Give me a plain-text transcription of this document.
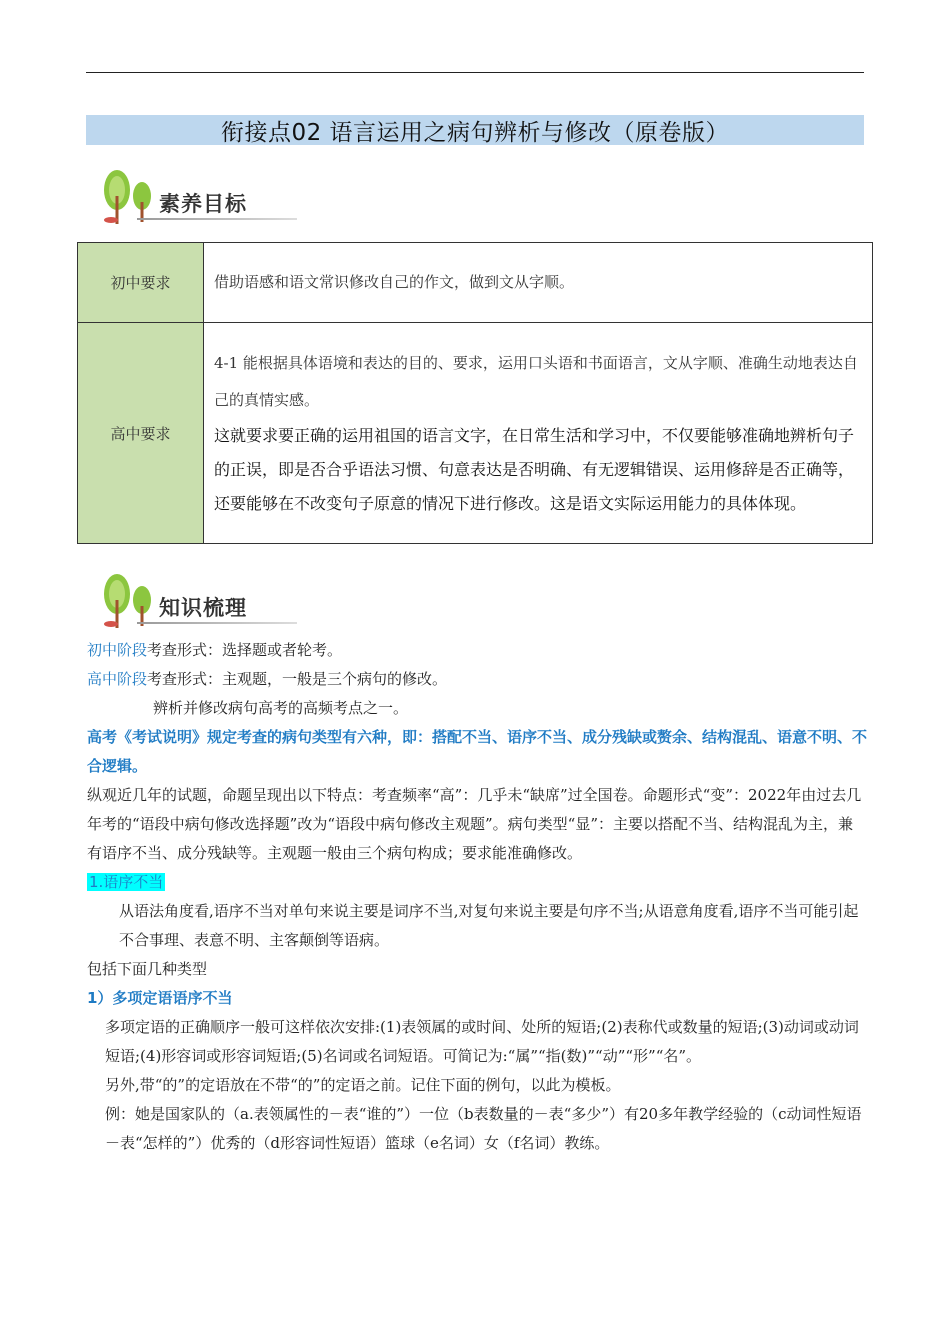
衔接点02 语言运用之病句辨析与修改（原卷版）
素养目标
初中要求	借助语感和语文常识修改自己的作文，做到文从字顺。
高中要求	4-1 能根据具体语境和表达的目的、要求，运用口头语和书面语言，文从字顺、准确生动地表达自己的真情实感。
这就要求要正确的运用祖国的语言文字，在日常生活和学习中，不仅要能够准确地辨析句子的正误，即是否合乎语法习惯、句意表达是否明确、有无逻辑错误、运用修辞是否正确等，还要能够在不改变句子原意的情况下进行修改。这是语文实际运用能力的具体体现。
知识梳理

初中阶段考查形式：选择题或者轮考。

高中阶段考查形式：主观题，一般是三个病句的修改。

辨析并修改病句高考的高频考点之一。

高考《考试说明》规定考查的病句类型有六种，即：搭配不当、语序不当、成分残缺或赘余、结构混乱、语意不明、不合逻辑。

纵观近几年的试题，命题呈现出以下特点：考查频率“高”：几乎未“缺席”过全国卷。命题形式“变”：2022年由过去几年考的“语段中病句修改选择题”改为“语段中病句修改主观题”。病句类型“显”：主要以搭配不当、结构混乱为主，兼有语序不当、成分残缺等。主观题一般由三个病句构成；要求能准确修改。

1.语序不当

从语法角度看,语序不当对单句来说主要是词序不当,对复句来说主要是句序不当;从语意角度看,语序不当可能引起不合事理、表意不明、主客颠倒等语病。

包括下面几种类型

1）多项定语语序不当

多项定语的正确顺序一般可这样依次安排:(1)表领属的或时间、处所的短语;(2)表称代或数量的短语;(3)动词或动词短语;(4)形容词或形容词短语;(5)名词或名词短语。可简记为:“属”“指(数)”“动”“形”“名”。

另外,带“的”的定语放在不带“的”的定语之前。记住下面的例句，以此为模板。

例：她是国家队的（a.表领属性的－表“谁的”）一位（b表数量的－表“多少”）有20多年教学经验的（c动词性短语－表“怎样的”）优秀的（d形容词性短语）篮球（e名词）女（f名词）教练。
